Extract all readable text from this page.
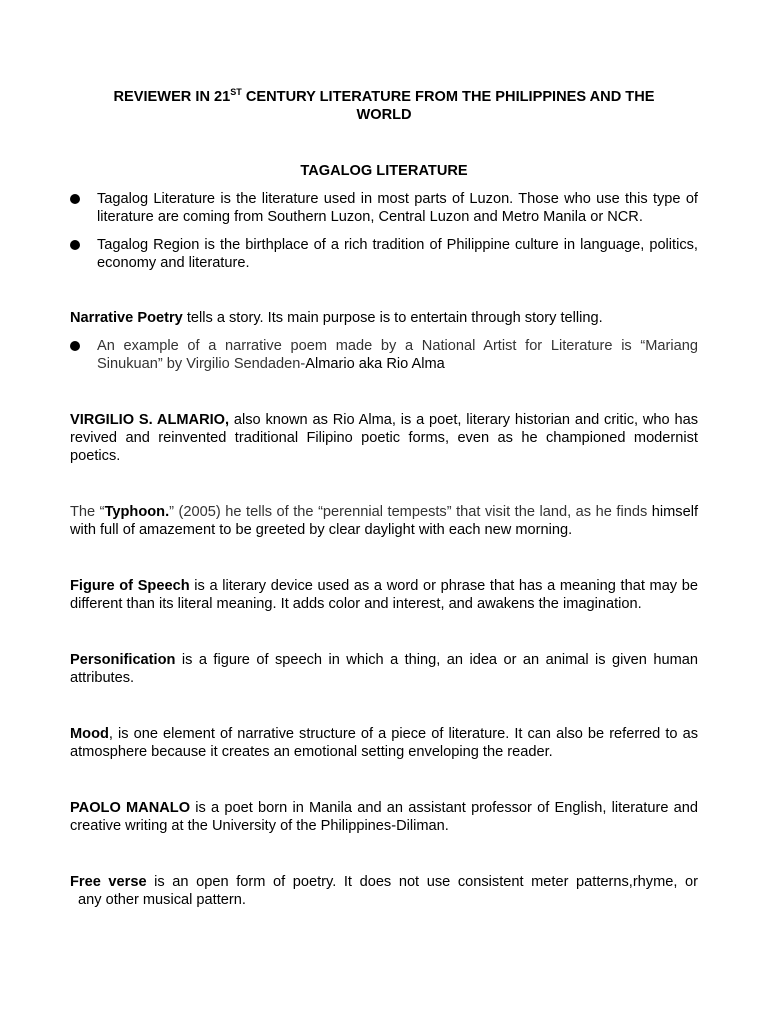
REVIEWER IN 21ST CENTURY LITERATURE FROM THE PHILIPPINES AND THE
WORLD
TAGALOG LITERATURE
Tagalog Literature is the literature used in most parts of Luzon. Those who use this type of literature are coming from Southern Luzon, Central Luzon and Metro Manila or NCR.
Tagalog Region is the birthplace of a rich tradition of Philippine culture in language, politics, economy and literature.
Narrative Poetry tells a story. Its main purpose is to entertain through story telling.
An example of a narrative poem made by a National Artist for Literature is “Mariang Sinukuan” by Virgilio Sendaden-Almario aka Rio Alma
VIRGILIO S. ALMARIO, also known as Rio Alma, is a poet, literary historian and critic, who has revived and reinvented traditional Filipino poetic forms, even as he championed modernist poetics.
The “Typhoon.” (2005) he tells of the “perennial tempests” that visit the land, as he finds himself with full of amazement to be greeted by clear daylight with each new morning.
Figure of Speech is a literary device used as a word or phrase that has a meaning that may be different than its literal meaning. It adds color and interest, and awakens the imagination.
Personification is a figure of speech in which a thing, an idea or an animal is given human attributes.
Mood, is one element of narrative structure of a piece of literature. It can also be referred to as atmosphere because it creates an emotional setting enveloping the reader.
PAOLO MANALO is a poet born in Manila and an assistant professor of English, literature and creative writing at the University of the Philippines-Diliman.
Free verse is an open form of poetry. It does not use consistent meter patterns,rhyme, or
any other musical pattern.
